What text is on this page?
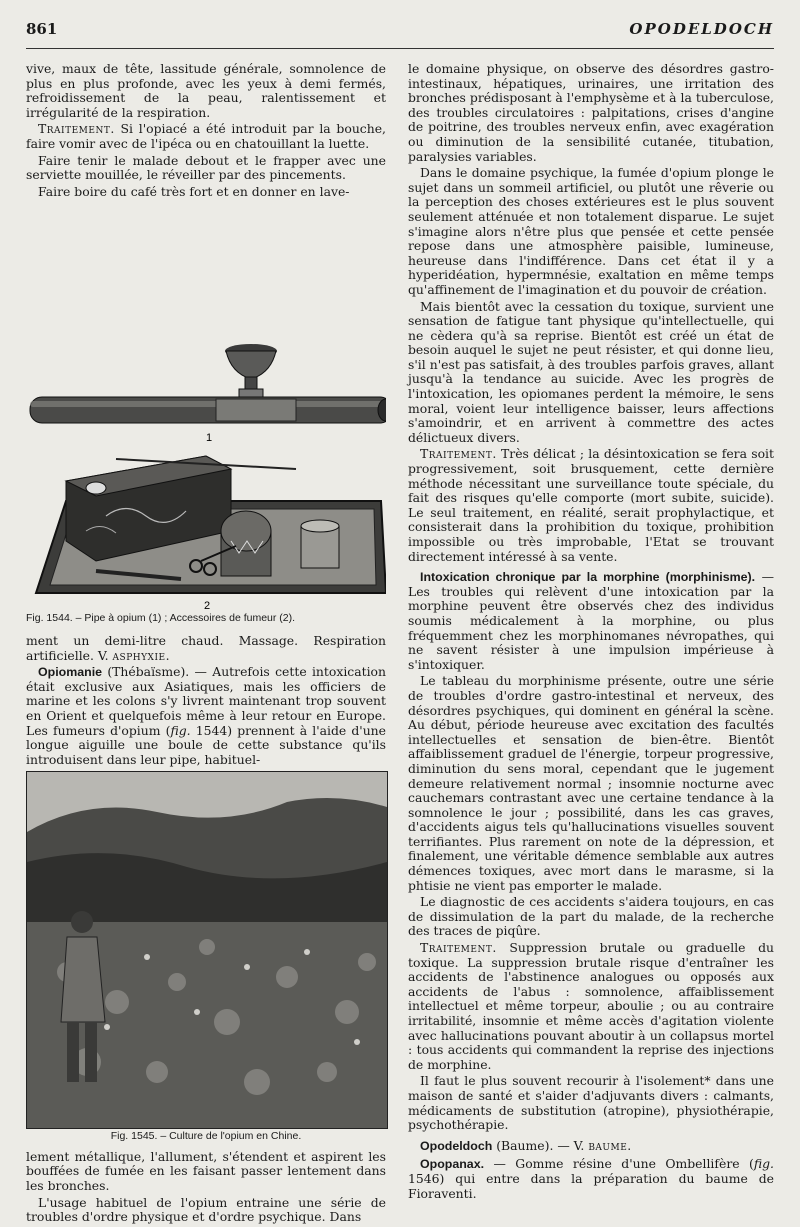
861	OPODELDOCH

vive, maux de tête, lassitude générale, somnolence de plus en plus profonde, avec les yeux à demi fermés, refroidissement de la peau, ralentissement et irrégularité de la respiration.

Traitement. Si l'opiacé a été introduit par la bouche, faire vomir avec de l'ipéca ou en chatouillant la luette.

Faire tenir le malade debout et le frapper avec une serviette mouillée, le réveiller par des pincements.

Faire boire du café très fort et en donner en lave-

1
2

Fig. 1544. – Pipe à opium (1) ; Accessoires de fumeur (2).

ment un demi-litre chaud. Massage. Respiration artificielle. V. asphyxie.

Opiomanie (Thébaïsme). — Autrefois cette intoxication était exclusive aux Asiatiques, mais les officiers de marine et les colons s'y livrent maintenant trop souvent en Orient et quelquefois même à leur retour en Europe. Les fumeurs d'opium (fig. 1544) prennent à l'aide d'une longue aiguille une boule de cette substance qu'ils introduisent dans leur pipe, habituel-

Fig. 1545. – Culture de l'opium en Chine.

lement métallique, l'allument, s'étendent et aspirent les bouffées de fumée en les faisant passer lentement dans les bronches.

L'usage habituel de l'opium entraine une série de troubles d'ordre physique et d'ordre psychique. Dans

le domaine physique, on observe des désordres gastro-intestinaux, hépatiques, urinaires, une irritation des bronches prédisposant à l'emphysème et à la tuberculose, des troubles circulatoires : palpitations, crises d'angine de poitrine, des troubles nerveux enfin, avec exagération ou diminution de la sensibilité cutanée, titubation, paralysies variables.

Dans le domaine psychique, la fumée d'opium plonge le sujet dans un sommeil artificiel, ou plutôt une rêverie ou la perception des choses extérieures est le plus souvent seulement atténuée et non totalement disparue. Le sujet s'imagine alors n'être plus que pensée et cette pensée repose dans une atmosphère paisible, lumineuse, heureuse dans l'indifférence. Dans cet état il y a hyperidéation, hypermnésie, exaltation en même temps qu'affinement de l'imagination et du pouvoir de création.

Mais bientôt avec la cessation du toxique, survient une sensation de fatigue tant physique qu'intellectuelle, qui ne cèdera qu'à sa reprise. Bientôt est créé un état de besoin auquel le sujet ne peut résister, et qui donne lieu, s'il n'est pas satisfait, à des troubles parfois graves, allant jusqu'à la tendance au suicide. Avec les progrès de l'intoxication, les opiomanes perdent la mémoire, le sens moral, voient leur intelligence baisser, leurs affections s'amoindrir, et en arrivent à commettre des actes délictueux divers.

Traitement. Très délicat ; la désintoxication se fera soit progressivement, soit brusquement, cette dernière méthode nécessitant une surveillance toute spéciale, du fait des risques qu'elle comporte (mort subite, suicide). Le seul traitement, en réalité, serait prophylactique, et consisterait dans la prohibition du toxique, prohibition impossible ou très improbable, l'Etat se trouvant directement intéressé à sa vente.

Intoxication chronique par la morphine (morphinisme). — Les troubles qui relèvent d'une intoxication par la morphine peuvent être observés chez des individus soumis médicalement à la morphine, ou plus fréquemment chez les morphinomanes névropathes, qui ne savent résister à une impulsion impérieuse à s'intoxiquer.

Le tableau du morphinisme présente, outre une série de troubles d'ordre gastro-intestinal et nerveux, des désordres psychiques, qui dominent en général la scène. Au début, période heureuse avec excitation des facultés intellectuelles et sensation de bien-être. Bientôt affaiblissement graduel de l'énergie, torpeur progressive, diminution du sens moral, cependant que le jugement demeure relativement normal ; insomnie nocturne avec cauchemars contrastant avec une certaine tendance à la somnolence le jour ; possibilité, dans les cas graves, d'accidents aigus tels qu'hallucinations visuelles souvent terrifiantes. Plus rarement on note de la dépression, et finalement, une véritable démence semblable aux autres démences toxiques, avec mort dans le marasme, si la phtisie ne vient pas emporter le malade.

Le diagnostic de ces accidents s'aidera toujours, en cas de dissimulation de la part du malade, de la recherche des traces de piqûre.

Traitement. Suppression brutale ou graduelle du toxique. La suppression brutale risque d'entraîner les accidents de l'abstinence analogues ou opposés aux accidents de l'abus : somnolence, affaiblissement intellectuel et même torpeur, aboulie ; ou au contraire irritabilité, insomnie et même accès d'agitation violente avec hallucinations pouvant aboutir à un collapsus mortel : tous accidents qui commandent la reprise des injections de morphine.

Il faut le plus souvent recourir à l'isolement* dans une maison de santé et s'aider d'adjuvants divers : calmants, médicaments de substitution (atropine), physiothérapie, psychothérapie.

Opodeldoch (Baume). — V. baume.

Opopanax. — Gomme résine d'une Ombellifère (fig. 1546) qui entre dans la préparation du baume de Fioraventi.
